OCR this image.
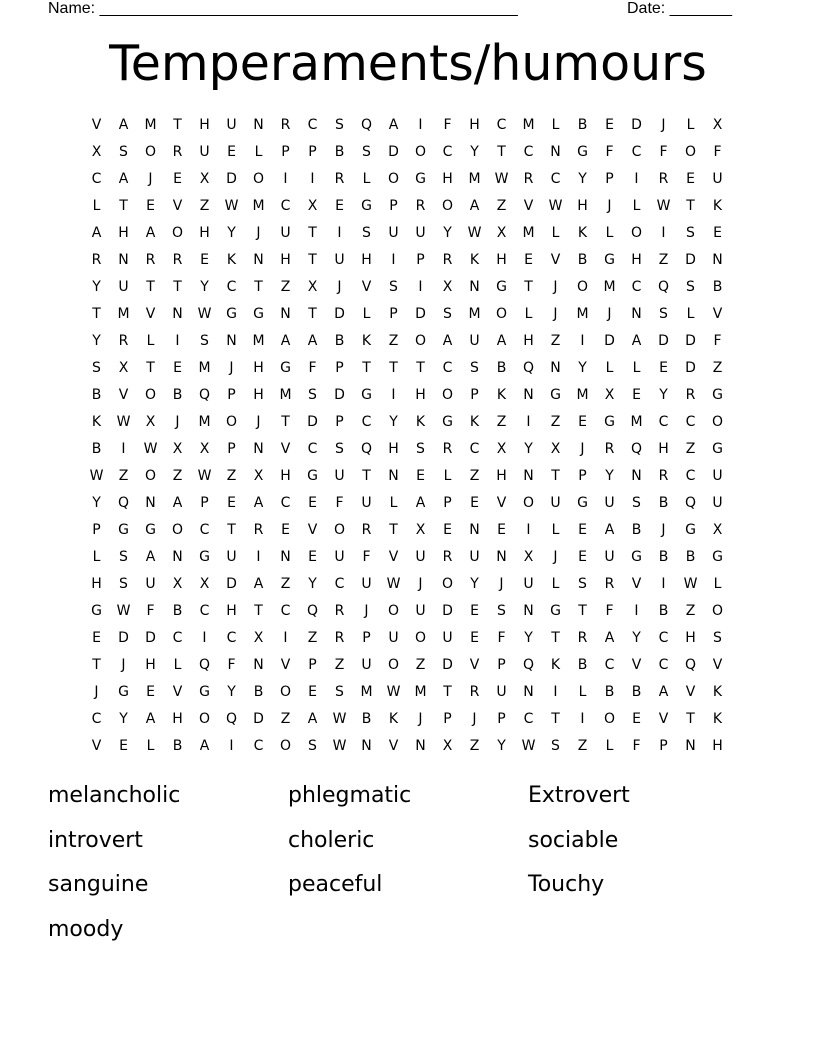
Name: _______________________________________________	Date: _______
Temperaments/humours
V	A	M	T	H	U	N	R	C	S	Q	A	I	F	H	C	M	L	B	E	D	J	L	X
X	S	O	R	U	E	L	P	P	B	S	D	O	C	Y	T	C	N	G	F	C	F	O	F
C	A	J	E	X	D	O	I	I	R	L	O	G	H	M	W	R	C	Y	P	I	R	E	U
L	T	E	V	Z	W	M	C	X	E	G	P	R	O	A	Z	V	W	H	J	L	W	T	K
A	H	A	O	H	Y	J	U	T	I	S	U	U	Y	W	X	M	L	K	L	O	I	S	E
R	N	R	R	E	K	N	H	T	U	H	I	P	R	K	H	E	V	B	G	H	Z	D	N
Y	U	T	T	Y	C	T	Z	X	J	V	S	I	X	N	G	T	J	O	M	C	Q	S	B
T	M	V	N	W	G	G	N	T	D	L	P	D	S	M	O	L	J	M	J	N	S	L	V
Y	R	L	I	S	N	M	A	A	B	K	Z	O	A	U	A	H	Z	I	D	A	D	D	F
S	X	T	E	M	J	H	G	F	P	T	T	T	C	S	B	Q	N	Y	L	L	E	D	Z
B	V	O	B	Q	P	H	M	S	D	G	I	H	O	P	K	N	G	M	X	E	Y	R	G
K	W	X	J	M	O	J	T	D	P	C	Y	K	G	K	Z	I	Z	E	G	M	C	C	O
B	I	W	X	X	P	N	V	C	S	Q	H	S	R	C	X	Y	X	J	R	Q	H	Z	G
W	Z	O	Z	W	Z	X	H	G	U	T	N	E	L	Z	H	N	T	P	Y	N	R	C	U
Y	Q	N	A	P	E	A	C	E	F	U	L	A	P	E	V	O	U	G	U	S	B	Q	U
P	G	G	O	C	T	R	E	V	O	R	T	X	E	N	E	I	L	E	A	B	J	G	X
L	S	A	N	G	U	I	N	E	U	F	V	U	R	U	N	X	J	E	U	G	B	B	G
H	S	U	X	X	D	A	Z	Y	C	U	W	J	O	Y	J	U	L	S	R	V	I	W	L
G	W	F	B	C	H	T	C	Q	R	J	O	U	D	E	S	N	G	T	F	I	B	Z	O
E	D	D	C	I	C	X	I	Z	R	P	U	O	U	E	F	Y	T	R	A	Y	C	H	S
T	J	H	L	Q	F	N	V	P	Z	U	O	Z	D	V	P	Q	K	B	C	V	C	Q	V
J	G	E	V	G	Y	B	O	E	S	M	W	M	T	R	U	N	I	L	B	B	A	V	K
C	Y	A	H	O	Q	D	Z	A	W	B	K	J	P	J	P	C	T	I	O	E	V	T	K
V	E	L	B	A	I	C	O	S	W	N	V	N	X	Z	Y	W	S	Z	L	F	P	N	H
melancholic	phlegmatic	Extrovert
introvert	choleric	sociable
sanguine	peaceful	Touchy
moody
